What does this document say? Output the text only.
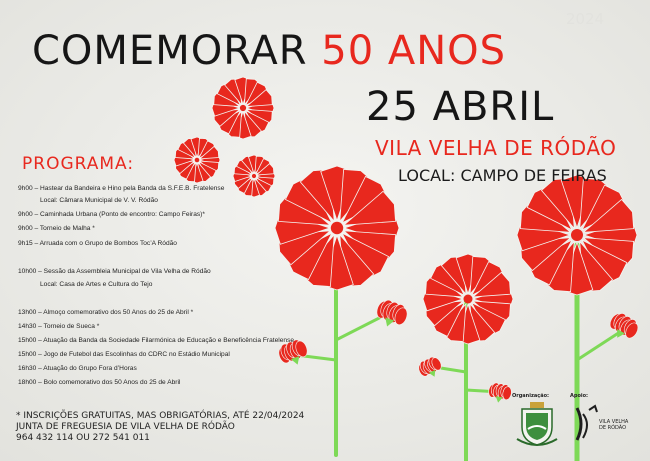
2024
COMEMORAR 50 ANOS
25 ABRIL
VILA VELHA DE RÓDÃO
LOCAL: CAMPO DE FEIRAS
PROGRAMA:
9h00 – Hastear da Bandeira e Hino pela Banda da S.F.E.B. Fratelense
Local: Câmara Municipal de V. V. Ródão
9h00 – Caminhada Urbana (Ponto de encontro: Campo Feiras)*
9h00 – Torneio de Malha *
9h15 – Arruada com o Grupo de Bombos Toc’A Ródão
10h00 – Sessão da Assembleia Municipal de Vila Velha de Ródão
Local: Casa de Artes e Cultura do Tejo
13h00 – Almoço comemorativo dos 50 Anos do 25 de Abril *
14h30 – Torneio de Sueca *
15h00 – Atuação da Banda da Sociedade Filarmónica de Educação e Beneficência Fratelense
15h00 – Jogo de Futebol das Escolinhas do CDRC no Estádio Municipal
16h30 – Atuação do Grupo Fora d’Horas
18h00 – Bolo comemorativo dos 50 Anos do 25 de Abril
* INSCRIÇÕES GRATUITAS, MAS OBRIGATÓRIAS, ATÉ 22/04/2024
JUNTA DE FREGUESIA DE VILA VELHA DE RÓDÃO
964 432 114 OU 272 541 011
Organização:	Apoio:
VILA VELHA
DE RÓDÃO
